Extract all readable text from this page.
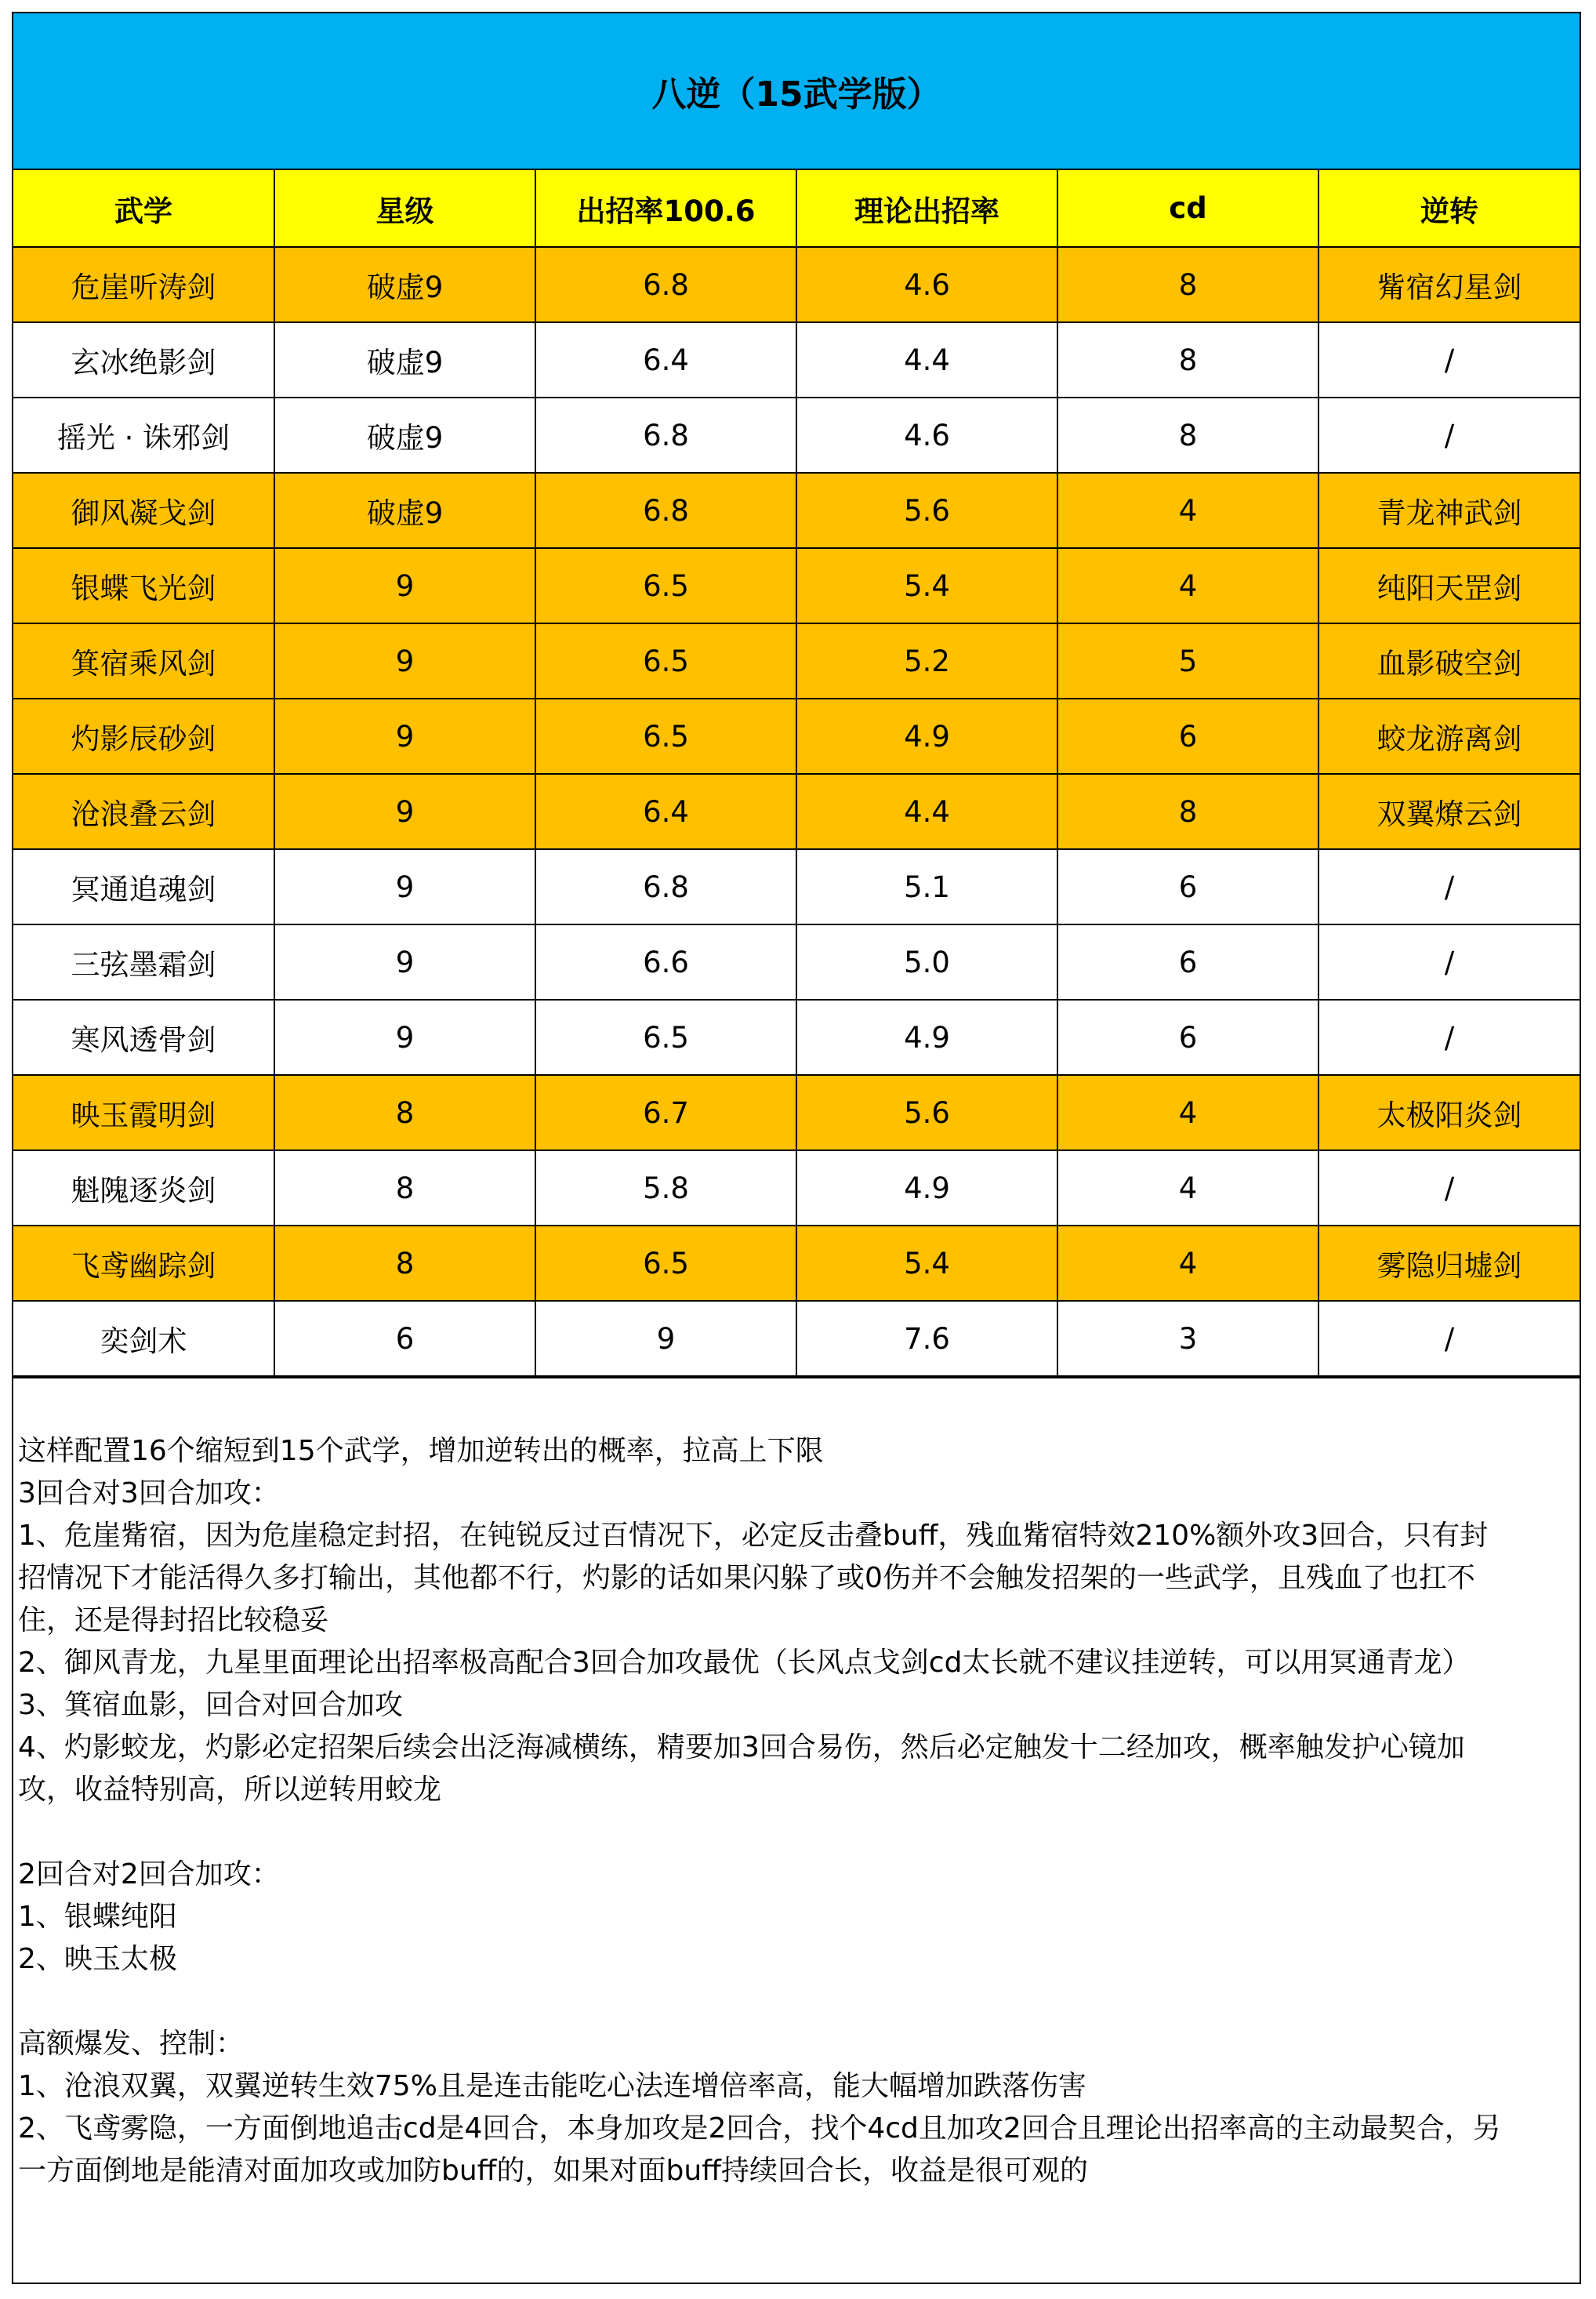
八逆（15武学版）
武学	星级	出招率100.6	理论出招率	cd	逆转
危崖听涛剑	破虚9	6.8	4.6	8	觜宿幻星剑
玄冰绝影剑	破虚9	6.4	4.4	8	/
摇光 · 诛邪剑	破虚9	6.8	4.6	8	/
御风凝戈剑	破虚9	6.8	5.6	4	青龙神武剑
银蝶飞光剑	9	6.5	5.4	4	纯阳天罡剑
箕宿乘风剑	9	6.5	5.2	5	血影破空剑
灼影辰砂剑	9	6.5	4.9	6	蛟龙游离剑
沧浪叠云剑	9	6.4	4.4	8	双翼燎云剑
冥通追魂剑	9	6.8	5.1	6	/
三弦墨霜剑	9	6.6	5.0	6	/
寒风透骨剑	9	6.5	4.9	6	/
映玉霞明剑	8	6.7	5.6	4	太极阳炎剑
魁隗逐炎剑	8	5.8	4.9	4	/
飞鸢幽踪剑	8	6.5	5.4	4	雾隐归墟剑
奕剑术	6	9	7.6	3	/
这样配置16个缩短到15个武学，增加逆转出的概率，拉高上下限
3回合对3回合加攻：
1、危崖觜宿，因为危崖稳定封招，在钝锐反过百情况下，必定反击叠buff，残血觜宿特效210%额外攻3回合，只有封
招情况下才能活得久多打输出，其他都不行，灼影的话如果闪躲了或0伤并不会触发招架的一些武学，且残血了也扛不
住，还是得封招比较稳妥
2、御风青龙，九星里面理论出招率极高配合3回合加攻最优（长风点戈剑cd太长就不建议挂逆转，可以用冥通青龙）
3、箕宿血影，回合对回合加攻
4、灼影蛟龙，灼影必定招架后续会出泛海减横练，精要加3回合易伤，然后必定触发十二经加攻，概率触发护心镜加
攻，收益特别高，所以逆转用蛟龙
2回合对2回合加攻：
1、银蝶纯阳
2、映玉太极
高额爆发、控制：
1、沧浪双翼，双翼逆转生效75%且是连击能吃心法连增倍率高，能大幅增加跌落伤害
2、飞鸢雾隐，一方面倒地追击cd是4回合，本身加攻是2回合，找个4cd且加攻2回合且理论出招率高的主动最契合，另
一方面倒地是能清对面加攻或加防buff的，如果对面buff持续回合长，收益是很可观的
